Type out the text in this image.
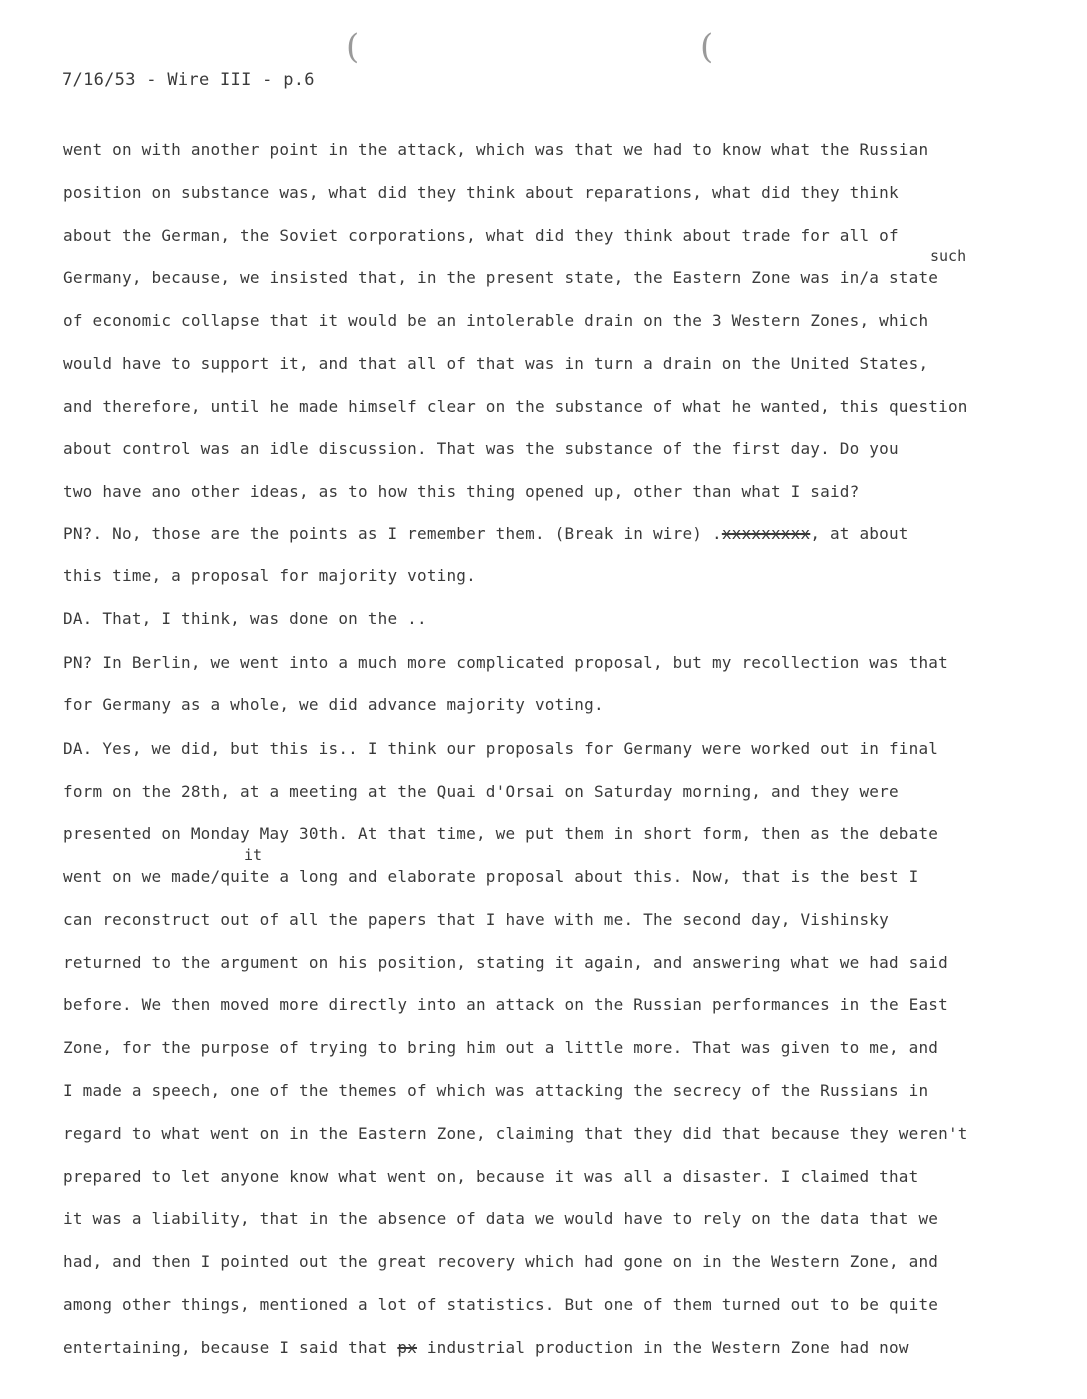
(	(
7/16/53 - Wire III - p.6
went on with another point in the attack, which was that we had to know what the Russian
position on substance was, what did they think about reparations, what did they think
about the German, the Soviet corporations, what did they think about trade for all of
such
Germany, because, we insisted that, in the present state, the Eastern Zone was in/a state
of economic collapse that it would be an intolerable drain on the 3 Western Zones, which
would have to support it, and that all of that was in turn a drain on the United States,
and therefore, until he made himself clear on the substance of what he wanted, this question
about control was an idle discussion. That was the substance of the first day. Do you
two have ano other ideas, as to how this thing opened up, other than what I said?
PN?. No, those are the points as I remember them. (Break in wire) .xxxxxxxxx, at about
this time, a proposal for majority voting.
DA. That, I think, was done on the ..
PN? In Berlin, we went into a much more complicated proposal, but my recollection was that
for Germany as a whole, we did advance majority voting.
DA. Yes, we did, but this is.. I think our proposals for Germany were worked out in final
form on the 28th, at a meeting at the Quai d'Orsai on Saturday morning, and they were
presented on Monday May 30th. At that time, we put them in short form, then as the debate
it
went on we made/quite a long and elaborate proposal about this. Now, that is the best I
can reconstruct out of all the papers that I have with me. The second day, Vishinsky
returned to the argument on his position, stating it again, and answering what we had said
before. We then moved more directly into an attack on the Russian performances in the East
Zone, for the purpose of trying to bring him out a little more. That was given to me, and
I made a speech, one of the themes of which was attacking the secrecy of the Russians in
regard to what went on in the Eastern Zone, claiming that they did that because they weren't
prepared to let anyone know what went on, because it was all a disaster. I claimed that
it was a liability, that in the absence of data we would have to rely on the data that we
had, and then I pointed out the great recovery which had gone on in the Western Zone, and
among other things, mentioned a lot of statistics. But one of them turned out to be quite
entertaining, because I said that px industrial production in the Western Zone had now
